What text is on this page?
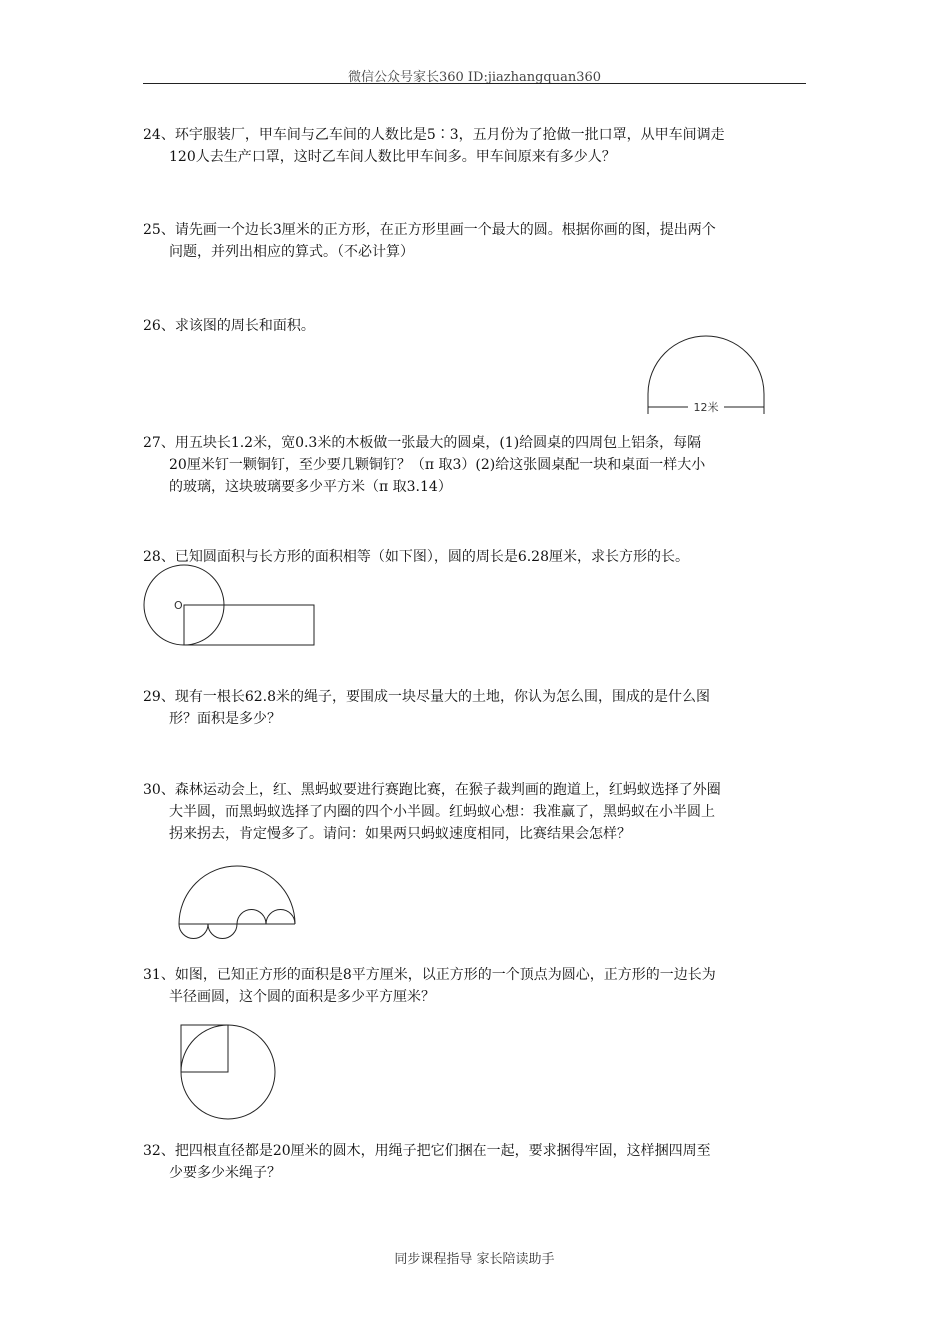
微信公众号家长360 ID:jiazhangquan360
24、环宇服装厂，甲车间与乙车间的人数比是5∶3，五月份为了抢做一批口罩，从甲车间调走
120人去生产口罩，这时乙车间人数比甲车间多。甲车间原来有多少人？
25、请先画一个边长3厘米的正方形，在正方形里画一个最大的圆。根据你画的图，提出两个
问题，并列出相应的算式。（不必计算）
26、求该图的周长和面积。
12米
27、用五块长1.2米，宽0.3米的木板做一张最大的圆桌，(1)给圆桌的四周包上铝条，每隔
20厘米钉一颗铜钉，至少要几颗铜钉？（π 取3）(2)给这张圆桌配一块和桌面一样大小
的玻璃，这块玻璃要多少平方米（π 取3.14）
28、已知圆面积与长方形的面积相等（如下图），圆的周长是6.28厘米，求长方形的长。
O
29、现有一根长62.8米的绳子，要围成一块尽量大的土地，你认为怎么围，围成的是什么图
形？面积是多少？
30、森林运动会上，红、黑蚂蚁要进行赛跑比赛，在猴子裁判画的跑道上，红蚂蚁选择了外圈
大半圆，而黑蚂蚁选择了内圈的四个小半圆。红蚂蚁心想：我准赢了，黑蚂蚁在小半圆上
拐来拐去，肯定慢多了。请问：如果两只蚂蚁速度相同，比赛结果会怎样？
31、如图，已知正方形的面积是8平方厘米，以正方形的一个顶点为圆心，正方形的一边长为
半径画圆，这个圆的面积是多少平方厘米？
32、把四根直径都是20厘米的圆木，用绳子把它们捆在一起，要求捆得牢固，这样捆四周至
少要多少米绳子？
同步课程指导 家长陪读助手
